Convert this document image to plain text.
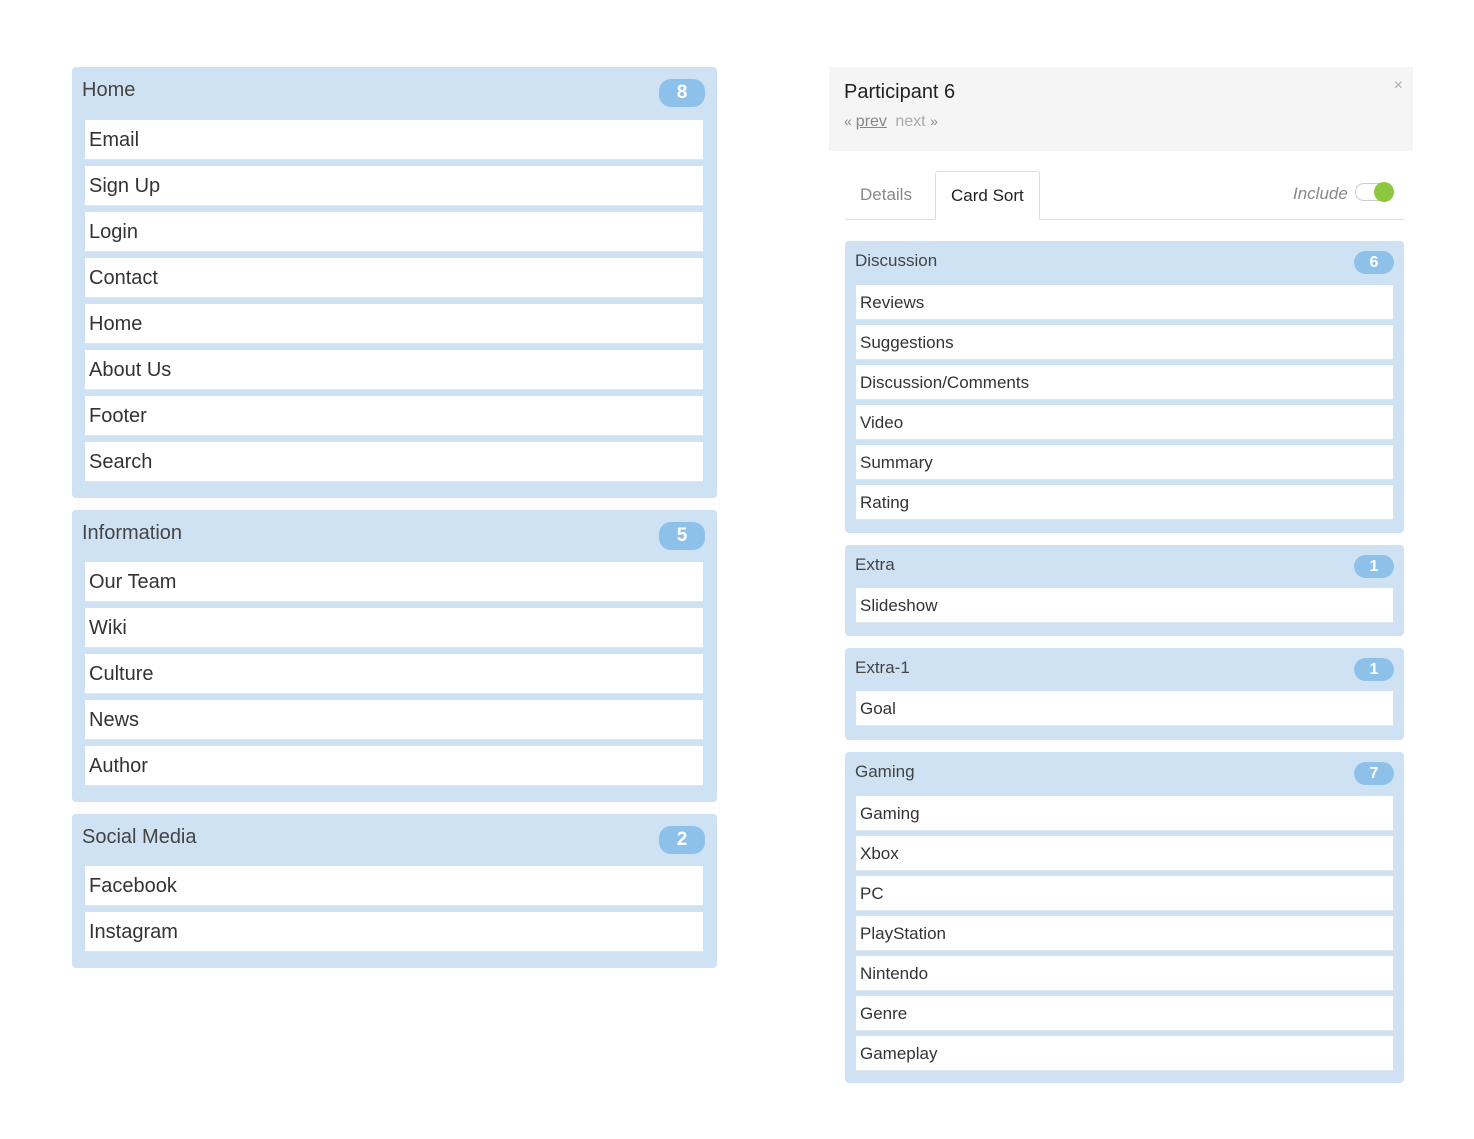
Home	8
Email
Sign Up
Login
Contact
Home
About Us
Footer
Search
Information	5
Our Team
Wiki
Culture
News
Author
Social Media	2
Facebook
Instagram
Participant 6
« prev next »
×
Details	Card Sort	Include
Discussion	6
Reviews
Suggestions
Discussion/Comments
Video
Summary
Rating
Extra	1
Slideshow
Extra-1	1
Goal
Gaming	7
Gaming
Xbox
PC
PlayStation
Nintendo
Genre
Gameplay
